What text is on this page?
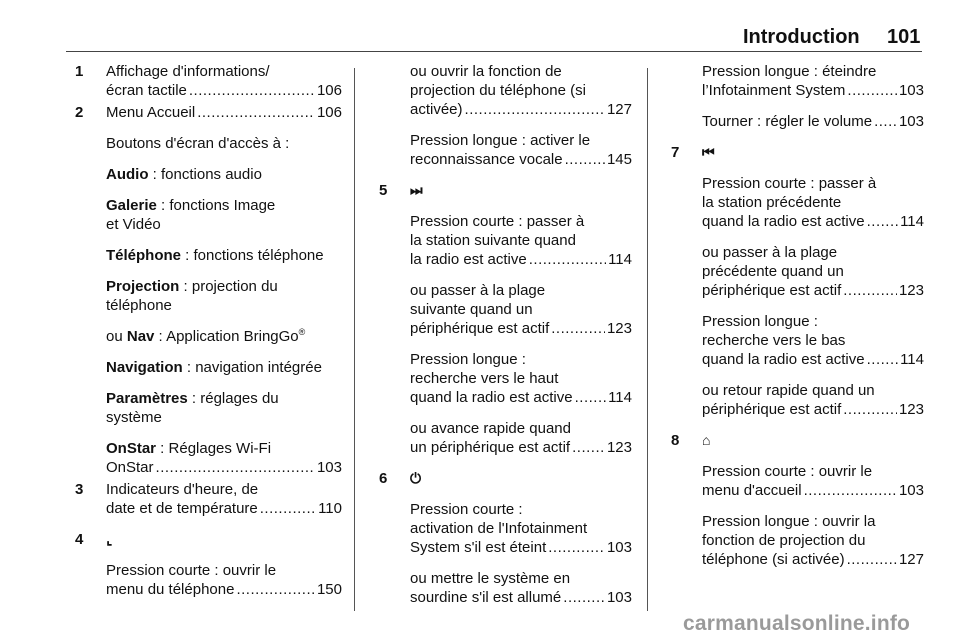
Introduction 101
1 Affichage d'informations/
écran tactile .....	106
2 Menu Accueil .....	106
Boutons d'écran d'accès à :
Audio : fonctions audio
Galerie : fonctions Image
et Vidéo
Téléphone : fonctions téléphone
Projection : projection du
téléphone
ou Nav : Application BringGo®
Navigation : navigation intégrée
Paramètres : réglages du
système
OnStar : Réglages Wi-Fi
OnStar .....	103
3 Indicateurs d'heure, de
date et de température .....	110
4 ⌞
Pression courte : ouvrir le
menu du téléphone .....	150
ou ouvrir la fonction de
projection du téléphone (si
activée) .....	127
Pression longue : activer le
reconnaissance vocale .....	145
5 ⏭
Pression courte : passer à
la station suivante quand
la radio est active .....	114
ou passer à la plage
suivante quand un
périphérique est actif .....	123
Pression longue :
recherche vers le haut
quand la radio est active ..... 114
ou avance rapide quand
un périphérique est actif ..... 123
6 ⏻
Pression courte :
activation de l'Infotainment
System s'il est éteint .....	103
ou mettre le système en
sourdine s'il est allumé .....	103
Pression longue : éteindre
l’Infotainment System .....	103
Tourner : régler le volume ..... 103
7 ⏮
Pression courte : passer à
la station précédente
quand la radio est active ..... 114
ou passer à la plage
précédente quand un
périphérique est actif .....	123
Pression longue :
recherche vers le bas
quand la radio est active ..... 114
ou retour rapide quand un
périphérique est actif .....	123
8 ⌂
Pression courte : ouvrir le
menu d'accueil .....	103
Pression longue : ouvrir la
fonction de projection du
téléphone (si activée) .....	127
carmanualsonline.info
